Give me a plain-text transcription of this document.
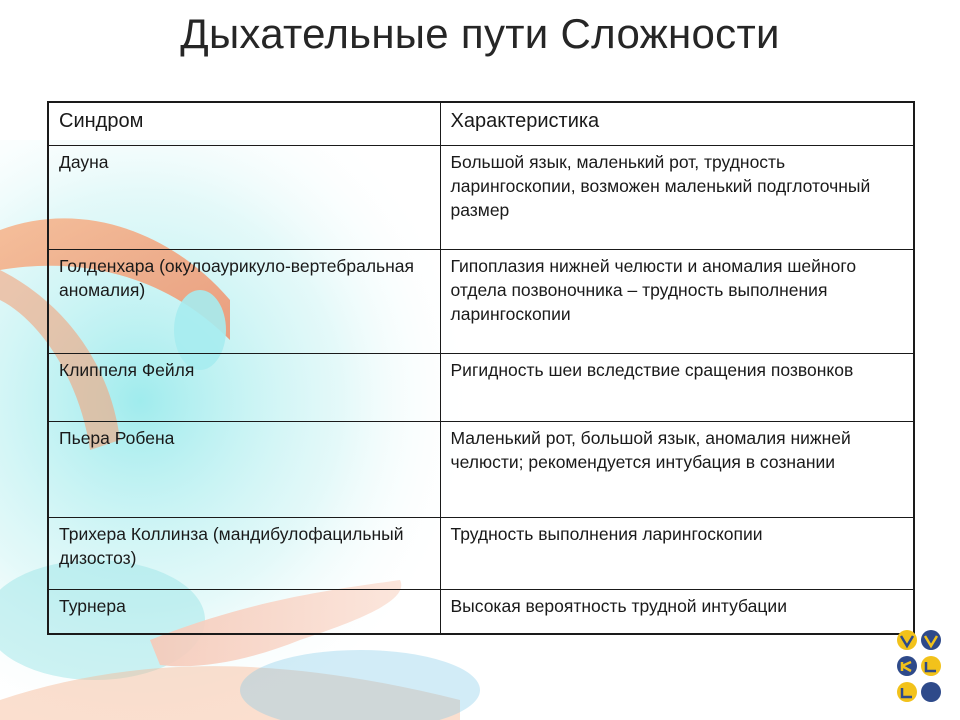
Дыхательные пути Сложности
Синдром	Характеристика
Дауна	Большой язык, маленький рот, трудность ларингоскопии, возможен маленький подглоточный размер
Голденхара (окулоаурикуло-вертебральная аномалия)	Гипоплазия нижней челюсти и аномалия шейного отдела позвоночника – трудность выполнения ларингоскопии
Клиппеля Фейля	Ригидность шеи вследствие сращения позвонков
Пьера Робена	Маленький рот, большой язык, аномалия нижней челюсти; рекомендуется интубация в сознании
Трихера Коллинза (мандибулофацильный дизостоз)	Трудность выполнения ларингоскопии
Турнера	Высокая вероятность трудной интубации
